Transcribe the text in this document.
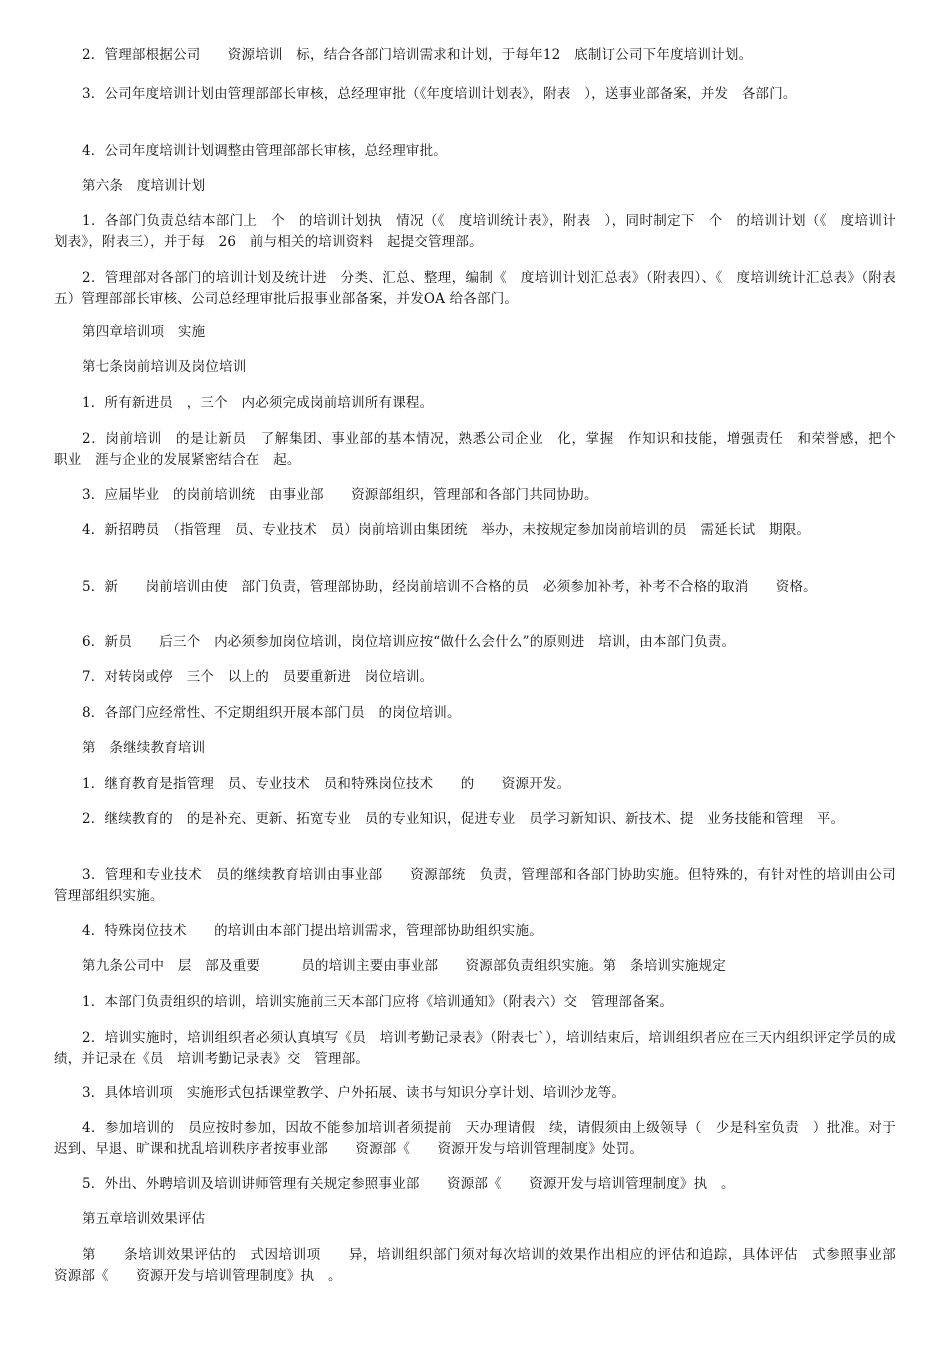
2．管理部根据公司　　资源培训　标，结合各部门培训需求和计划，于每年12　底制订公司下年度培训计划。

3．公司年度培训计划由管理部部长审核，总经理审批（《年度培训计划表》，附表　），送事业部备案，并发　各部门。

4．公司年度培训计划调整由管理部部长审核，总经理审批。

第六条　度培训计划

1．各部门负责总结本部门上　个　的培训计划执　情况（《　度培训统计表》，附表　），同时制定下　个　的培训计划（《　度培训计划表》，附表三），并于每　26　前与相关的培训资料　起提交管理部。

2．管理部对各部门的培训计划及统计进　分类、汇总、整理，编制《　度培训计划汇总表》（附表四）、《　度培训统计汇总表》（附表五）管理部部长审核、公司总经理审批后报事业部备案，并发OA 给各部门。

第四章培训项　实施

第七条岗前培训及岗位培训

1．所有新进员　，三个　内必须完成岗前培训所有课程。

2．岗前培训　的是让新员　了解集团、事业部的基本情况，熟悉公司企业　化，掌握　作知识和技能，增强责任　和荣誉感，把个　职业　涯与企业的发展紧密结合在　起。

3．应届毕业　的岗前培训统　由事业部　　资源部组织，管理部和各部门共同协助。

4．新招聘员　（指管理　员、专业技术　员）岗前培训由集团统　举办，未按规定参加岗前培训的员　需延长试　期限。

5．新　　岗前培训由使　部门负责，管理部协助，经岗前培训不合格的员　必须参加补考，补考不合格的取消　　资格。

6．新员　　后三个　内必须参加岗位培训，岗位培训应按“做什么会什么”的原则进　培训，由本部门负责。

7．对转岗或停　三个　以上的　员要重新进　岗位培训。

8．各部门应经常性、不定期组织开展本部门员　的岗位培训。

第　条继续教育培训

1．继育教育是指管理　员、专业技术　员和特殊岗位技术　　的　　资源开发。

2．继续教育的　的是补充、更新、拓宽专业　员的专业知识，促进专业　员学习新知识、新技术、提　业务技能和管理　平。

3．管理和专业技术　员的继续教育培训由事业部　　资源部统　负责，管理部和各部门协助实施。但特殊的，有针对性的培训由公司管理部组织实施。

4．特殊岗位技术　　的培训由本部门提出培训需求，管理部协助组织实施。

第九条公司中　层　部及重要　　　员的培训主要由事业部　　资源部负责组织实施。第　条培训实施规定

1．本部门负责组织的培训，培训实施前三天本部门应将《培训通知》（附表六）交　管理部备案。

2．培训实施时，培训组织者必须认真填写《员　培训考勤记录表》（附表七`），培训结束后，培训组织者应在三天内组织评定学员的成绩，并记录在《员　培训考勤记录表》交　管理部。

3．具体培训项　实施形式包括课堂教学、户外拓展、读书与知识分享计划、培训沙龙等。

4．参加培训的　员应按时参加，因故不能参加培训者须提前　天办理请假　续，请假须由上级领导（　少是科室负责　）批准。对于迟到、早退、旷课和扰乱培训秩序者按事业部　　资源部《　　资源开发与培训管理制度》处罚。

5．外出、外聘培训及培训讲师管理有关规定参照事业部　　资源部《　　资源开发与培训管理制度》执　。

第五章培训效果评估

第　　条培训效果评估的　式因培训项　　异，培训组织部门须对每次培训的效果作出相应的评估和追踪，具体评估　式参照事业部　　资源部《　　资源开发与培训管理制度》执　。
